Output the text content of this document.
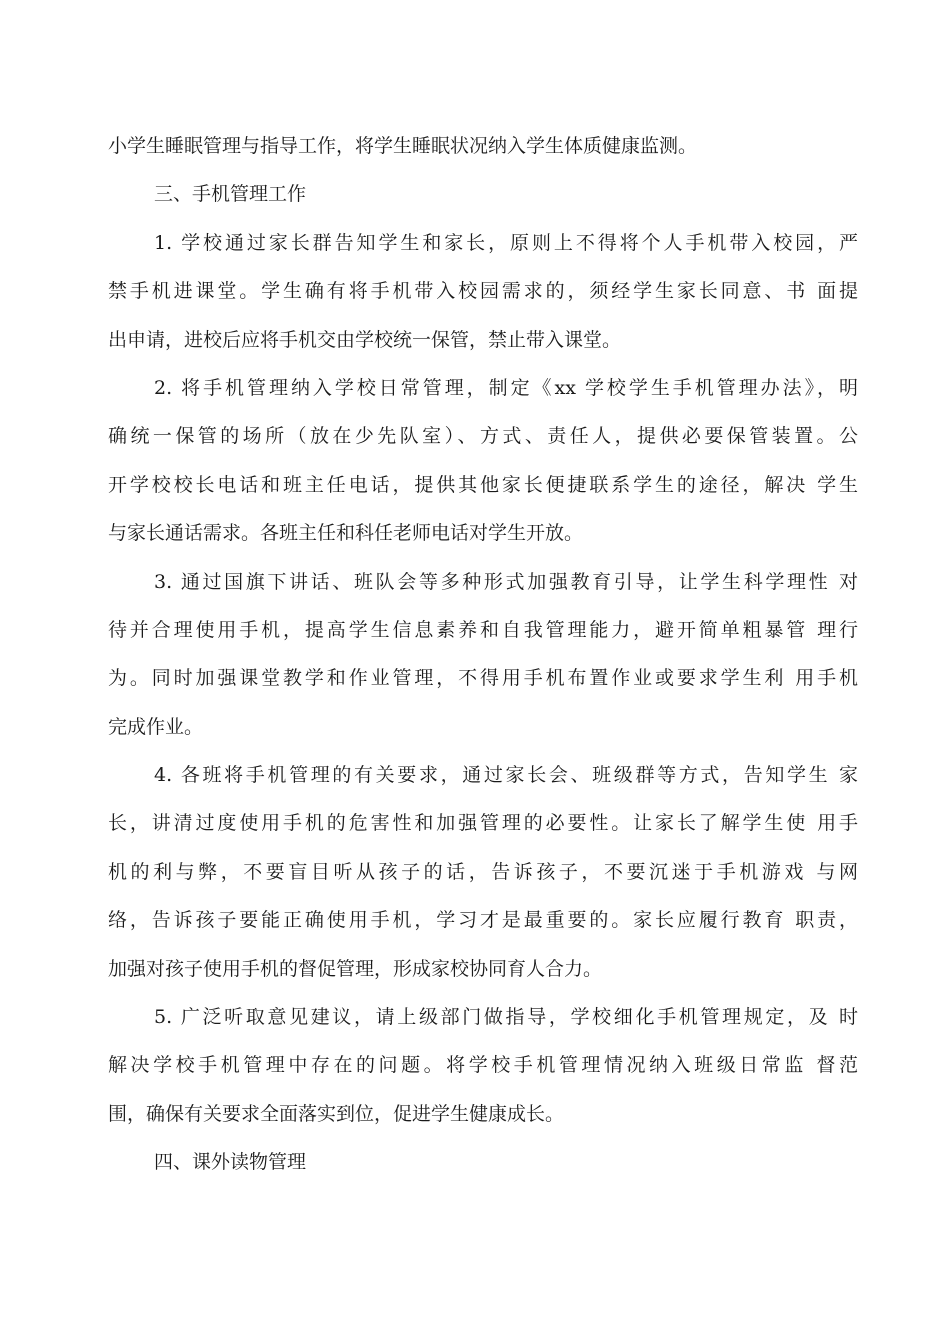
小学生睡眠管理与指导工作，将学生睡眠状况纳入学生体质健康监测。
三、手机管理工作
1. 学校通过家长群告知学生和家长，原则上不得将个人手机带入校园，严
禁手机进课堂。学生确有将手机带入校园需求的，须经学生家长同意、书 面提
出申请，进校后应将手机交由学校统一保管，禁止带入课堂。
2. 将手机管理纳入学校日常管理，制定《xx 学校学生手机管理办法》，明
确统一保管的场所（放在少先队室）、方式、责任人，提供必要保管装置。公
开学校校长电话和班主任电话，提供其他家长便捷联系学生的途径，解决 学生
与家长通话需求。各班主任和科任老师电话对学生开放。
3. 通过国旗下讲话、班队会等多种形式加强教育引导，让学生科学理性 对
待并合理使用手机，提高学生信息素养和自我管理能力，避开简单粗暴管 理行
为。同时加强课堂教学和作业管理，不得用手机布置作业或要求学生利 用手机
完成作业。
4. 各班将手机管理的有关要求，通过家长会、班级群等方式，告知学生 家
长，讲清过度使用手机的危害性和加强管理的必要性。让家长了解学生使 用手
机的利与弊，不要盲目听从孩子的话，告诉孩子，不要沉迷于手机游戏 与网
络，告诉孩子要能正确使用手机，学习才是最重要的。家长应履行教育 职责，
加强对孩子使用手机的督促管理，形成家校协同育人合力。
5. 广泛听取意见建议，请上级部门做指导，学校细化手机管理规定，及 时
解决学校手机管理中存在的问题。将学校手机管理情况纳入班级日常监 督范
围，确保有关要求全面落实到位，促进学生健康成长。
四、课外读物管理
